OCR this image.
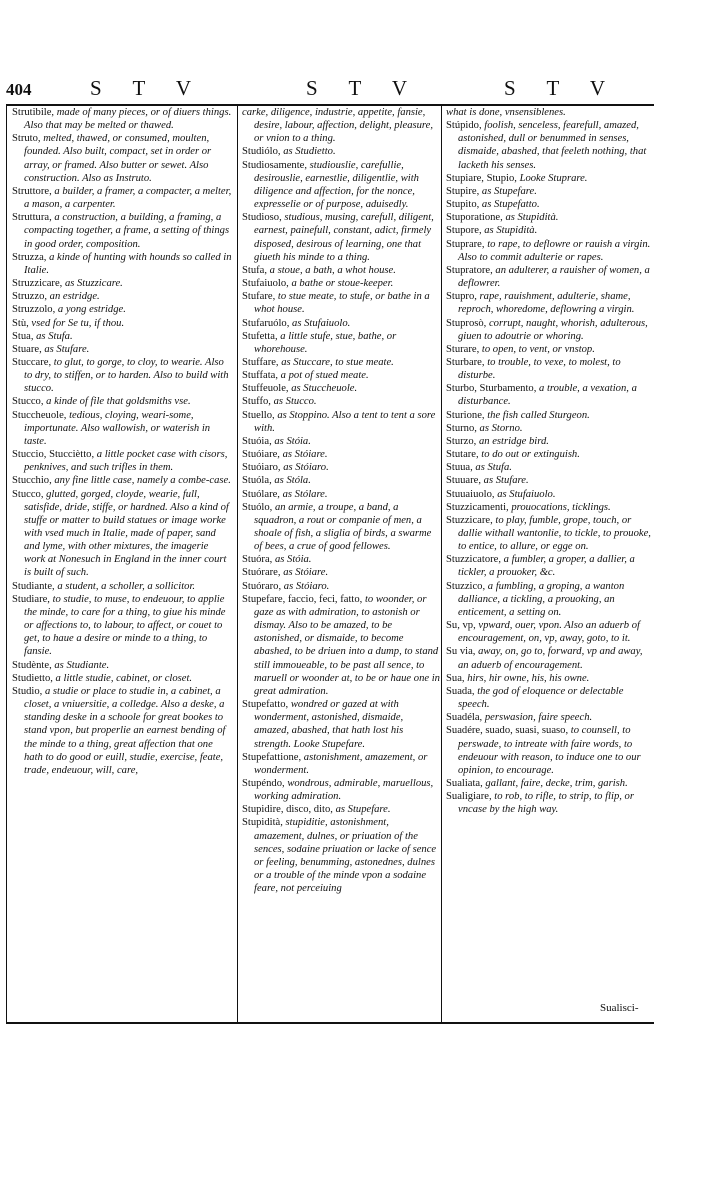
404	S T V	S T V	S T V

Strutibile, made of many pieces, or of diuers things. Also that may be melted or thawed.

Struto, melted, thawed, or consumed, moulten, founded. Also built, compact, set in order or array, or framed. Also butter or sewet. Also construction. Also as Instruto.

Struttore, a builder, a framer, a compacter, a melter, a mason, a carpenter.

Struttura, a construction, a building, a framing, a compacting together, a frame, a setting of things in good order, composition.

Struzza, a kinde of hunting with hounds so called in Italie.

Struzzicare, as Stuzzicare.

Struzzo, an estridge.

Struzzolo, a yong estridge.

Stù, vsed for Se tu, if thou.

Stua, as Stufa.

Stuare, as Stufare.

Stuccare, to glut, to gorge, to cloy, to wearie. Also to dry, to stiffen, or to harden. Also to build with stucco.

Stucco, a kinde of file that goldsmiths vse.

Stuccheuole, tedious, cloying, weari-some, importunate. Also wallowish, or waterish in taste.

Stuccio, Stucciètto, a little pocket case with cisors, penknives, and such trifles in them.

Stucchio, any fine little case, namely a combe-case.

Stucco, glutted, gorged, cloyde, wearie, full, satisfide, dride, stiffe, or hardned. Also a kind of stuffe or matter to build statues or image worke with vsed much in Italie, made of paper, sand and lyme, with other mixtures, the imagerie work at Nonesuch in England in the inner court is built of such.

Studiante, a student, a scholler, a sollicitor.

Studiare, to studie, to muse, to endeuour, to applie the minde, to care for a thing, to giue his minde or affections to, to labour, to affect, or couet to get, to haue a desire or minde to a thing, to fansie.

Studènte, as Studiante.

Studietto, a little studie, cabinet, or closet.

Studio, a studie or place to studie in, a cabinet, a closet, a vniuersitie, a colledge. Also a deske, a standing deske in a schoole for great bookes to stand vpon, but properlie an earnest bending of the minde to a thing, great affection that one hath to do good or euill, studie, exercise, feate, trade, endeuour, will, care,

carke, diligence, industrie, appetite, fansie, desire, labour, affection, delight, pleasure, or vnion to a thing.

Studiólo, as Studietto.

Studiosamente, studiouslie, carefullie, desirouslie, earnestlie, diligentlie, with diligence and affection, for the nonce, expresselie or of purpose, aduisedly.

Studioso, studious, musing, carefull, diligent, earnest, painefull, constant, adict, firmely disposed, desirous of learning, one that giueth his minde to a thing.

Stufa, a stoue, a bath, a whot house.

Stufaiuolo, a bathe or stoue-keeper.

Stufare, to stue meate, to stufe, or bathe in a whot house.

Stufaruólo, as Stufaiuolo.

Stufetta, a little stufe, stue, bathe, or whorehouse.

Stuffare, as Stuccare, to stue meate.

Stuffata, a pot of stued meate.

Stuffeuole, as Stuccheuole.

Stuffo, as Stucco.

Stuello, as Stoppino. Also a tent to tent a sore with.

Stuóia, as Stóia.

Stuóiare, as Stóiare.

Stuóiaro, as Stóiaro.

Stuóla, as Stóla.

Stuólare, as Stólare.

Stuólo, an armie, a troupe, a band, a squadron, a rout or companie of men, a shoale of fish, a sliglia of birds, a swarme of bees, a crue of good fellowes.

Stuóra, as Stóia.

Stuórare, as Stóiare.

Stuóraro, as Stóiaro.

Stupefare, faccio, feci, fatto, to woonder, or gaze as with admiration, to astonish or dismay. Also to be amazed, to be astonished, or dismaide, to become abashed, to be driuen into a dump, to stand still immoueable, to be past all sence, to maruell or woonder at, to be or haue one in great admiration.

Stupefatto, wondred or gazed at with wonderment, astonished, dismaide, amazed, abashed, that hath lost his strength. Looke Stupefare.

Stupefattione, astonishment, amazement, or wonderment.

Stupéndo, wondrous, admirable, maruellous, working admiration.

Stupidire, disco, dito, as Stupefare.

Stupidità, stupiditie, astonishment, amazement, dulnes, or priuation of the sences, sodaine priuation or lacke of sence or feeling, benumming, astonednes, dulnes or a trouble of the minde vpon a sodaine feare, not perceiuing

what is done, vnsensiblenes.

Stúpido, foolish, senceless, fearefull, amazed, astonished, dull or benummed in senses, dismaide, abashed, that feeleth nothing, that lacketh his senses.

Stupiare, Stupio, Looke Stuprare.

Stupire, as Stupefare.

Stupito, as Stupefatto.

Stuporatione, as Stupidità.

Stupore, as Stupidità.

Stuprare, to rape, to deflowre or rauish a virgin. Also to commit adulterie or rapes.

Stupratore, an adulterer, a rauisher of women, a deflowrer.

Stupro, rape, rauishment, adulterie, shame, reproch, whoredome, deflowring a virgin.

Stuprosò, corrupt, naught, whorish, adulterous, giuen to adoutrie or whoring.

Sturare, to open, to vent, or vnstop.

Sturbare, to trouble, to vexe, to molest, to disturbe.

Sturbo, Sturbamento, a trouble, a vexation, a disturbance.

Sturione, the fish called Sturgeon.

Sturno, as Storno.

Sturzo, an estridge bird.

Stutare, to do out or extinguish.

Stuua, as Stufa.

Stuuare, as Stufare.

Stuuaiuolo, as Stufaiuolo.

Stuzzicamenti, prouocations, ticklings.

Stuzzicare, to play, fumble, grope, touch, or dallie withall wantonlie, to tickle, to prouoke, to entice, to allure, or egge on.

Stuzzicatore, a fumbler, a groper, a dallier, a tickler, a prouoker, &c.

Stuzzico, a fumbling, a groping, a wanton dalliance, a tickling, a prouoking, an enticement, a setting on.

Su, vp, vpward, ouer, vpon. Also an aduerb of encouragement, on, vp, away, goto, to it.

Su via, away, on, go to, forward, vp and away, an aduerb of encouragement.

Sua, hirs, hir owne, his, his owne.

Suada, the god of eloquence or delectable speech.

Suadéla, perswasion, faire speech.

Suadére, suado, suasi, suaso, to counsell, to perswade, to intreate with faire words, to endeuour with reason, to induce one to our opinion, to encourage.

Sualiata, gallant, faire, decke, trim, garish.

Sualigiare, to rob, to rifle, to strip, to flip, or vncase by the high way.

Sualisci-
